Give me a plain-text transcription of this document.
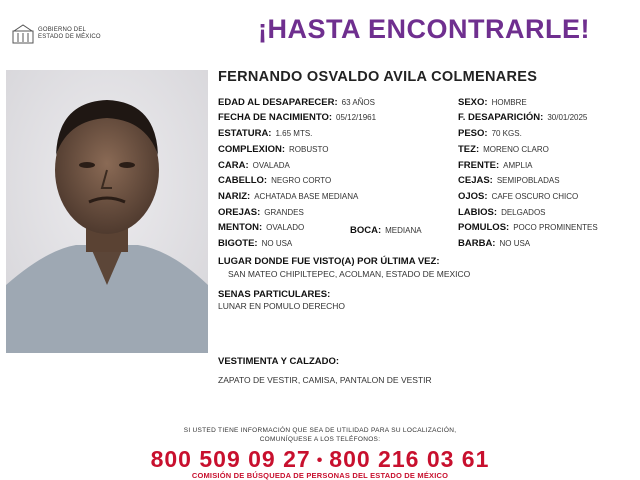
GOBIERNO DEL
ESTADO DE MÉXICO	¡HASTA ENCONTRARLE!
FERNANDO OSVALDO AVILA COLMENARES
EDAD AL DESAPARECER: 63 AÑOS
FECHA DE NACIMIENTO: 05/12/1961
ESTATURA: 1.65 MTS.
COMPLEXION: ROBUSTO
CARA: OVALADA
CABELLO: NEGRO CORTO
NARIZ: ACHATADA BASE MEDIANA
OREJAS: GRANDES
MENTON: OVALADO
BIGOTE: NO USA
BOCA: MEDIANA
SEXO: HOMBRE
F. DESAPARICIÓN: 30/01/2025
PESO: 70 KGS.
TEZ: MORENO CLARO
FRENTE: AMPLIA
CEJAS: SEMIPOBLADAS
OJOS: CAFE OSCURO CHICO
LABIOS: DELGADOS
POMULOS: POCO PROMINENTES
BARBA: NO USA
LUGAR DONDE FUE VISTO(A) POR ÚLTIMA VEZ:
SAN MATEO CHIPILTEPEC, ACOLMAN, ESTADO DE MEXICO
SENAS PARTICULARES:
LUNAR EN POMULO DERECHO
VESTIMENTA Y CALZADO:
ZAPATO DE VESTIR, CAMISA, PANTALON DE VESTIR
SI USTED TIENE INFORMACIÓN QUE SEA DE UTILIDAD PARA SU LOCALIZACIÓN,
COMUNÍQUESE A LOS TELÉFONOS:
800 509 09 27 • 800 216 03 61
COMISIÓN DE BÚSQUEDA DE PERSONAS DEL ESTADO DE MÉXICO
